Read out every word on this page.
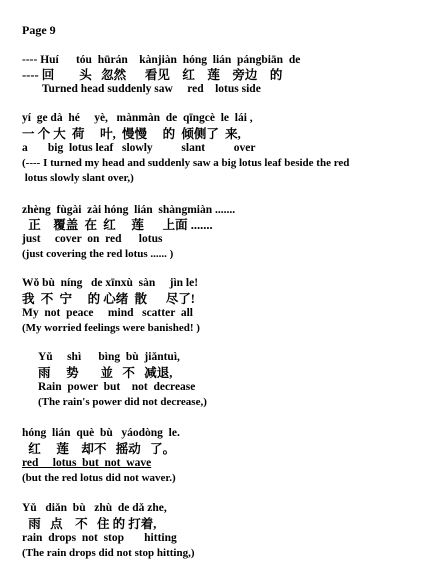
Page 9
---- Huí      tóu  hūrán    kànjiàn  hóng  lián  pángbiān  de
---- 回        头   忽然      看见    红    莲    旁边    的
Turned head suddenly saw     red    lotus side
yí  ge dà  hé     yè,   mànmàn  de  qīngcè  le  lái ,
一 个 大  荷     叶,  慢慢     的  倾侧了  来,
a       big  lotus leaf   slowly          slant          over
(---- I turned my head and suddenly saw a big lotus leaf beside the red
lotus slowly slant over,)
zhèng  fùgài  zài hóng  lián  shàngmiàn .......
正    覆盖  在  红     莲      上面 .......
just     cover  on  red      lotus
(just covering the red lotus ...... )
Wǒ bù  níng   de xīnxù  sàn     jìn le!
我  不  宁     的 心绪  散      尽了!
My  not  peace     mind   scatter  all
(My worried feelings were banished! )
Yǔ     shì      bìng  bù  jiǎntuì,
雨     势       並   不   减退,
Rain  power  but    not  decrease
(The rain's power did not decrease,)
hóng  lián  què  bù   yáodòng  le.
红     莲    却不   摇动   了。
red     lotus  but  not  wave
(but the red lotus did not waver.)
Yǔ   diǎn  bù   zhù  de dǎ zhe,
雨   点    不   住 的 打着,
rain  drops  not  stop       hitting
(The rain drops did not stop hitting,)
